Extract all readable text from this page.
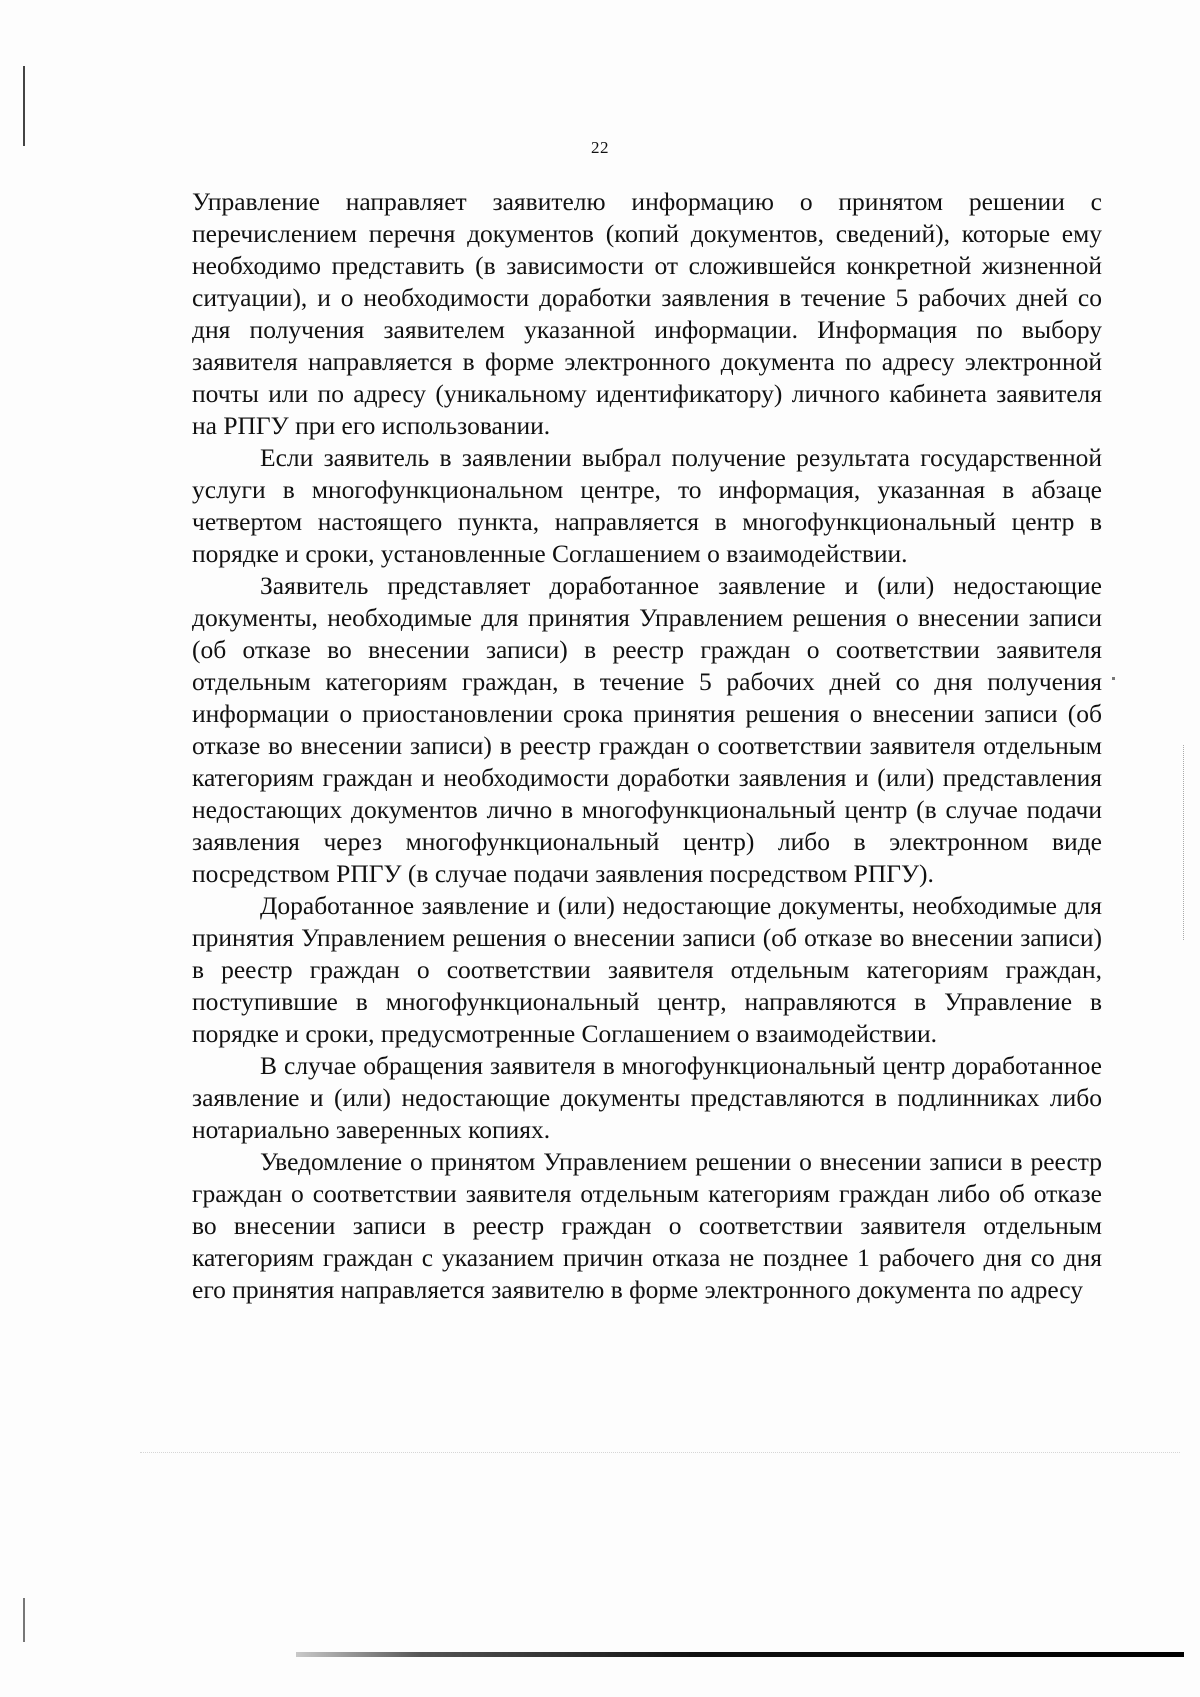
22

Управление направляет заявителю информацию о принятом решении с перечислением перечня документов (копий документов, сведений), которые ему необходимо представить (в зависимости от сложившейся конкретной жизненной ситуации), и о необходимости доработки заявления в течение 5 рабочих дней со дня получения заявителем указанной информации. Информация по выбору заявителя направляется в форме электронного документа по адресу электронной почты или по адресу (уникальному идентификатору) личного кабинета заявителя на РПГУ при его использовании.

Если заявитель в заявлении выбрал получение результата государственной услуги в многофункциональном центре, то информация, указанная в абзаце четвертом настоящего пункта, направляется в многофункциональный центр в порядке и сроки, установленные Соглашением о взаимодействии.

Заявитель представляет доработанное заявление и (или) недостающие документы, необходимые для принятия Управлением решения о внесении записи (об отказе во внесении записи) в реестр граждан о соответствии заявителя отдельным категориям граждан, в течение 5 рабочих дней со дня получения информации о приостановлении срока принятия решения о внесении записи (об отказе во внесении записи) в реестр граждан о соответствии заявителя отдельным категориям граждан и необходимости доработки заявления и (или) представления недостающих документов лично в многофункциональный центр (в случае подачи заявления через многофункциональный центр) либо в электронном виде посредством РПГУ (в случае подачи заявления посредством РПГУ).

Доработанное заявление и (или) недостающие документы, необходимые для принятия Управлением решения о внесении записи (об отказе во внесении записи) в реестр граждан о соответствии заявителя отдельным категориям граждан, поступившие в многофункциональный центр, направляются в Управление в порядке и сроки, предусмотренные Соглашением о взаимодействии.

В случае обращения заявителя в многофункциональный центр доработанное заявление и (или) недостающие документы представляются в подлинниках либо нотариально заверенных копиях.

Уведомление о принятом Управлением решении о внесении записи в реестр граждан о соответствии заявителя отдельным категориям граждан либо об отказе во внесении записи в реестр граждан о соответствии заявителя отдельным категориям граждан с указанием причин отказа не позднее 1 рабочего дня со дня его принятия направляется заявителю в форме электронного документа по адресу
